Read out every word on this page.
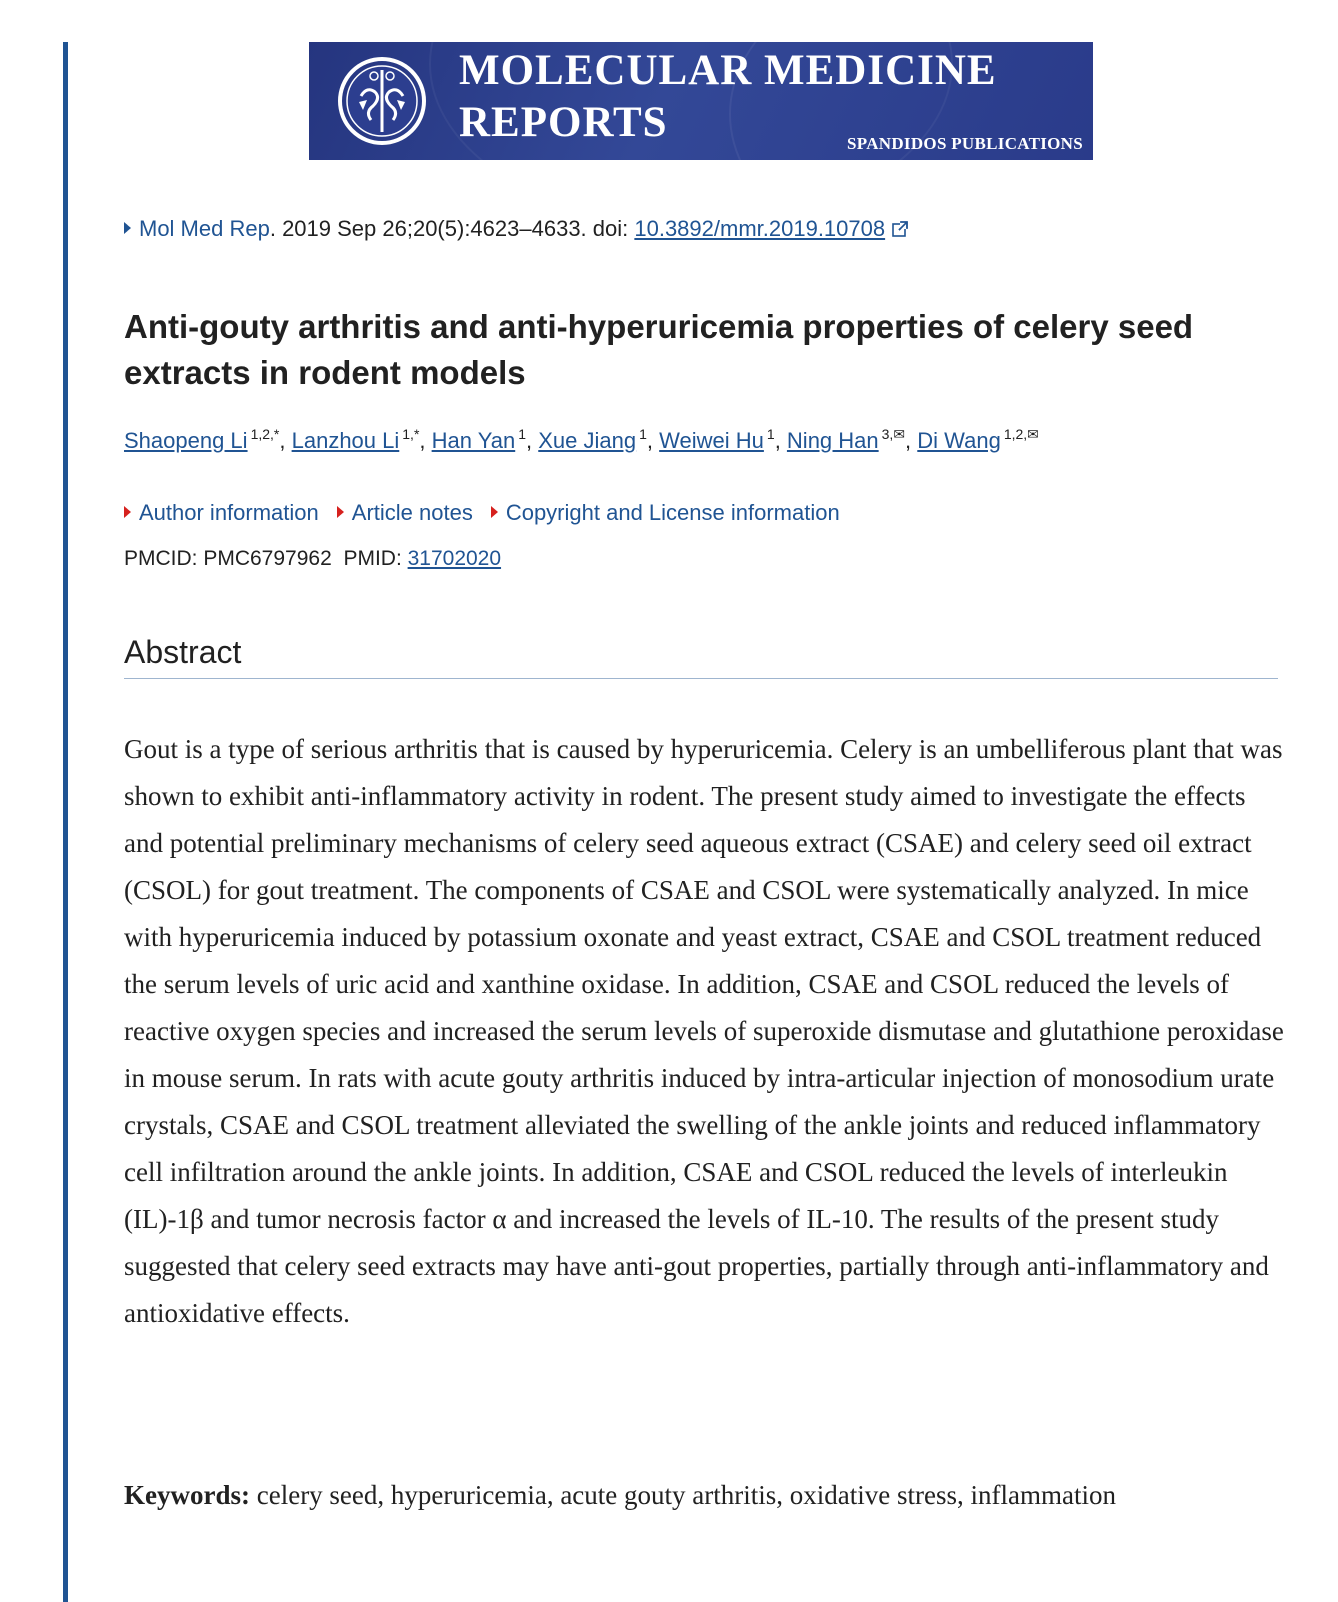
MOLECULAR MEDICINE
REPORTS	SPANDIDOS PUBLICATIONS
Mol Med Rep. 2019 Sep 26;20(5):4623–4633. doi: 10.3892/mmr.2019.10708
Anti-gouty arthritis and anti-hyperuricemia properties of celery seed extracts in rodent models
Shaopeng Li $^{1,2,*}$, Lanzhou Li $^{1,*}$, Han Yan $^1$, Xue Jiang $^1$, Weiwei Hu $^1$, Ning Han $^{3,✉}$, Di Wang $^{1,2,✉}$
Author information Article notes Copyright and License information
PMCID: PMC6797962 PMID: 31702020
Abstract

Gout is a type of serious arthritis that is caused by hyperuricemia. Celery is an umbelliferous plant that was shown to exhibit anti-inflammatory activity in rodent. The present study aimed to investigate the effects and potential preliminary mechanisms of celery seed aqueous extract (CSAE) and celery seed oil extract (CSOL) for gout treatment. The components of CSAE and CSOL were systematically analyzed. In mice with hyperuricemia induced by potassium oxonate and yeast extract, CSAE and CSOL treatment reduced the serum levels of uric acid and xanthine oxidase. In addition, CSAE and CSOL reduced the levels of reactive oxygen species and increased the serum levels of superoxide dismutase and glutathione peroxidase in mouse serum. In rats with acute gouty arthritis induced by intra-articular injection of monosodium urate crystals, CSAE and CSOL treatment alleviated the swelling of the ankle joints and reduced inflammatory cell infiltration around the ankle joints. In addition, CSAE and CSOL reduced the levels of interleukin (IL)-1β and tumor necrosis factor α and increased the levels of IL-10. The results of the present study suggested that celery seed extracts may have anti-gout properties, partially through anti-inflammatory and antioxidative effects.

Keywords: celery seed, hyperuricemia, acute gouty arthritis, oxidative stress, inflammation
